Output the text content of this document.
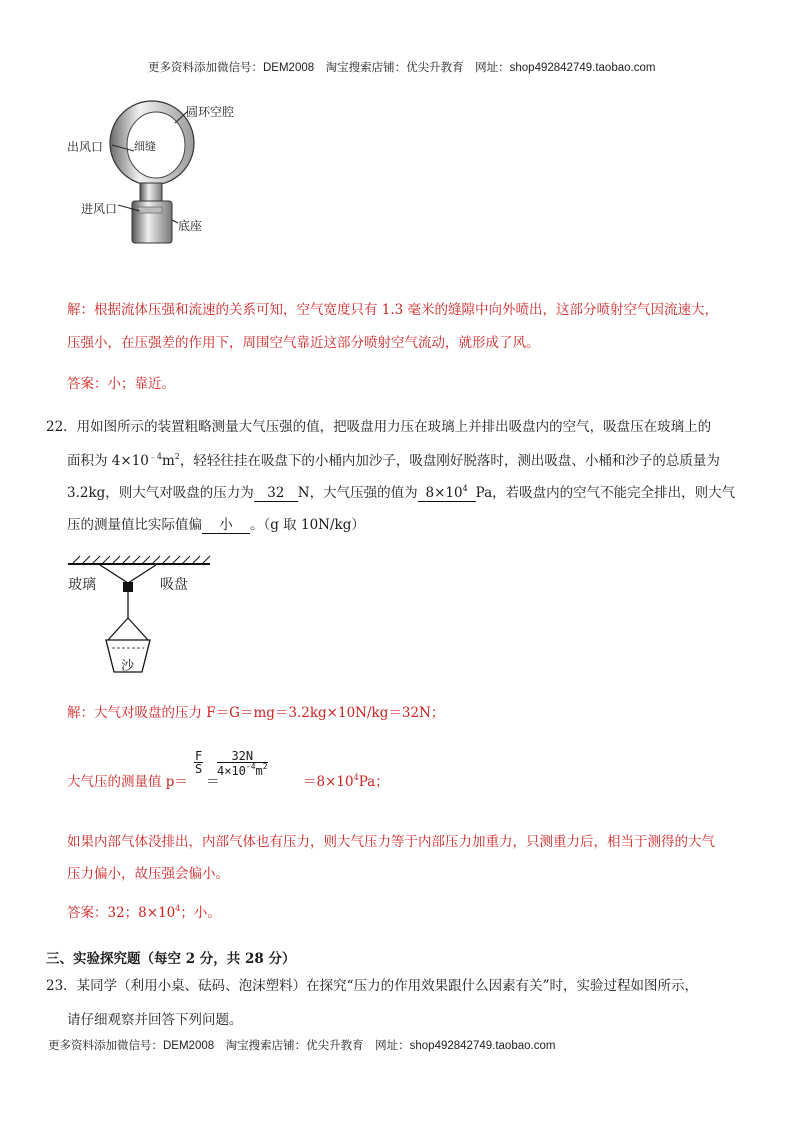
更多资料添加微信号：DEM2008　淘宝搜索店铺：优尖升教育　网址：shop492842749.taobao.com
圆环空腔
出风口	细缝
进风口
底座
解：根据流体压强和流速的关系可知，空气宽度只有 1.3 毫米的缝隙中向外喷出，这部分喷射空气因流速大，
压强小，在压强差的作用下，周围空气靠近这部分喷射空气流动，就形成了风。
答案：小；靠近。
22．用如图所示的装置粗略测量大气压强的值，把吸盘用力压在玻璃上并排出吸盘内的空气，吸盘压在玻璃上的
面积为 $4\times 10^{﹣4}m^2$，轻轻往挂在吸盘下的小桶内加沙子，吸盘刚好脱落时，测出吸盘、小桶和沙子的总质量为
3.2kg，则大气对吸盘的压力为 32 N，大气压强的值为 $8\times 10^4$ Pa，若吸盘内的空气不能完全排出，则大气
压的测量值比实际值偏 小 。（g 取 10N/kg）
玻璃	吸盘
沙
解：大气对吸盘的压力 F＝G＝mg＝3.2kg×10N/kg＝32N；
大气压的测量值 p＝
$\frac{F}{S}$
＝
$\frac{32N}{4\times 10^{-4}m^2}$
$=8\times 10^4Pa$；
如果内部气体没排出，内部气体也有压力，则大气压力等于内部压力加重力，只测重力后，相当于测得的大气
压力偏小，故压强会偏小。
答案：32；$8\times 10^4$；小。
三、实验探究题（每空 2 分，共 28 分）
23．某同学（利用小桌、砝码、泡沫塑料）在探究“压力的作用效果跟什么因素有关”时，实验过程如图所示，
请仔细观察并回答下列问题。
更多资料添加微信号：DEM2008　淘宝搜索店铺：优尖升教育　网址：shop492842749.taobao.com
